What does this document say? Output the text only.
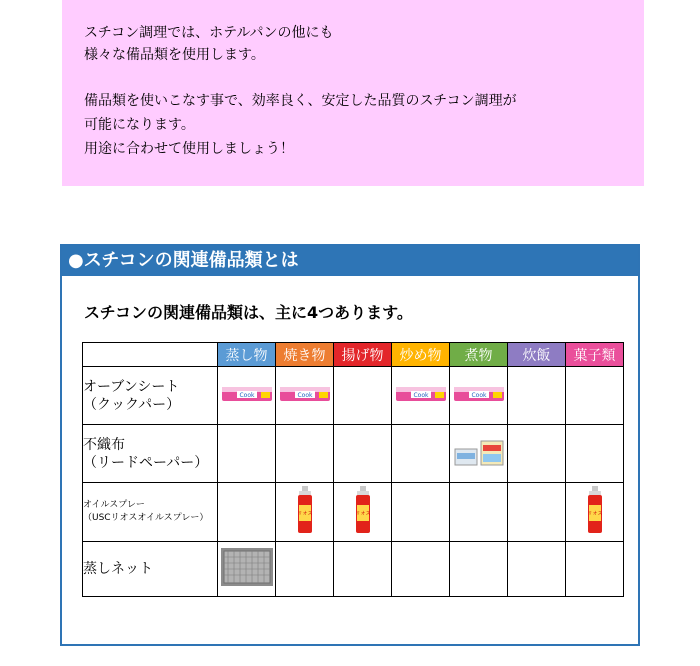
スチコン調理では、ホテルパンの他にも

様々な備品類を使用します。

備品類を使いこなす事で、効率良く、安定した品質のスチコン調理が

可能になります。

用途に合わせて使用しましょう！

●スチコンの関連備品類とは
スチコンの関連備品類は、主に4つあります。
	蒸し物	焼き物	揚げ物	炒め物	煮物	炊飯	菓子類

オーブンシート
（クックパー）	Cook	Cook		Cook	Cook		

不織布
（リードペーパー）

オイルスプレー
（USCリオスオイルスプレー）		リオス	リオス				リオス

蒸しネット
